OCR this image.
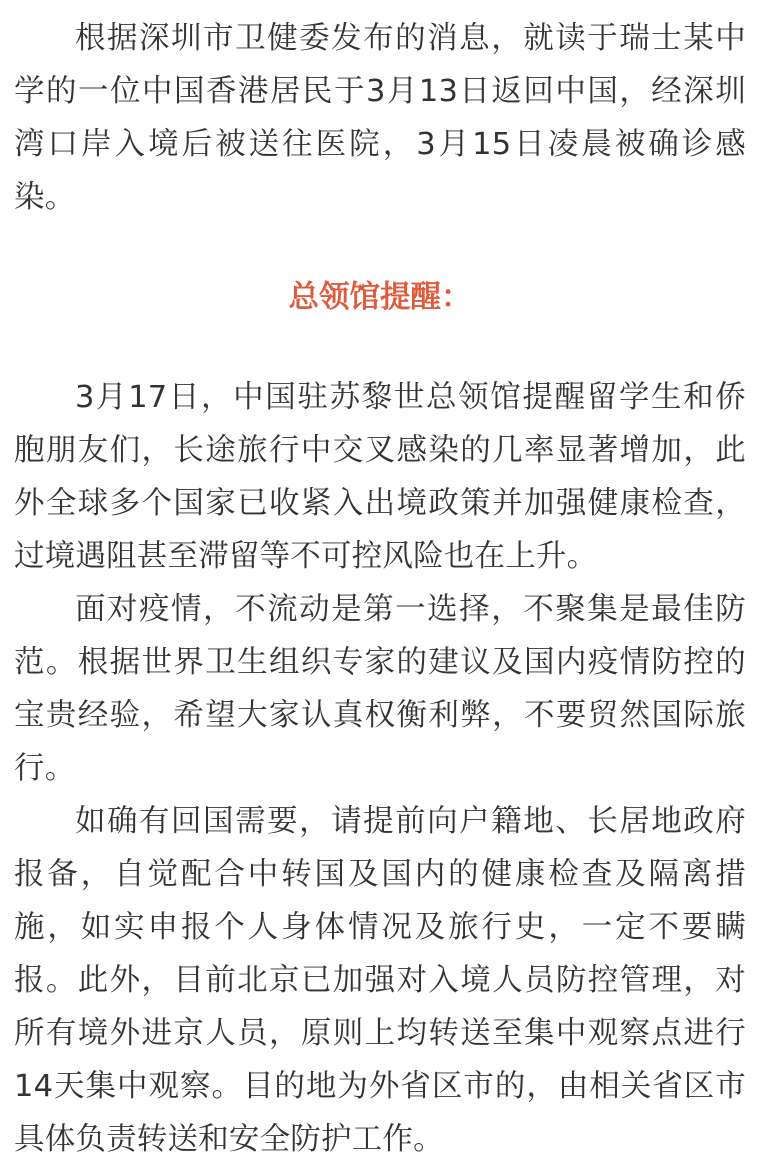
根据深圳市卫健委发布的消息，就读于瑞士某中学的一位中国香港居民于3月13日返回中国，经深圳湾口岸入境后被送往医院，3月15日凌晨被确诊感染。

总领馆提醒：

3月17日，中国驻苏黎世总领馆提醒留学生和侨胞朋友们，长途旅行中交叉感染的几率显著增加，此外全球多个国家已收紧入出境政策并加强健康检查，过境遇阻甚至滞留等不可控风险也在上升。

面对疫情，不流动是第一选择，不聚集是最佳防范。根据世界卫生组织专家的建议及国内疫情防控的宝贵经验，希望大家认真权衡利弊，不要贸然国际旅行。

如确有回国需要，请提前向户籍地、长居地政府报备，自觉配合中转国及国内的健康检查及隔离措施，如实申报个人身体情况及旅行史，一定不要瞒报。此外，目前北京已加强对入境人员防控管理，对所有境外进京人员，原则上均转送至集中观察点进行14天集中观察。目的地为外省区市的，由相关省区市具体负责转送和安全防护工作。
